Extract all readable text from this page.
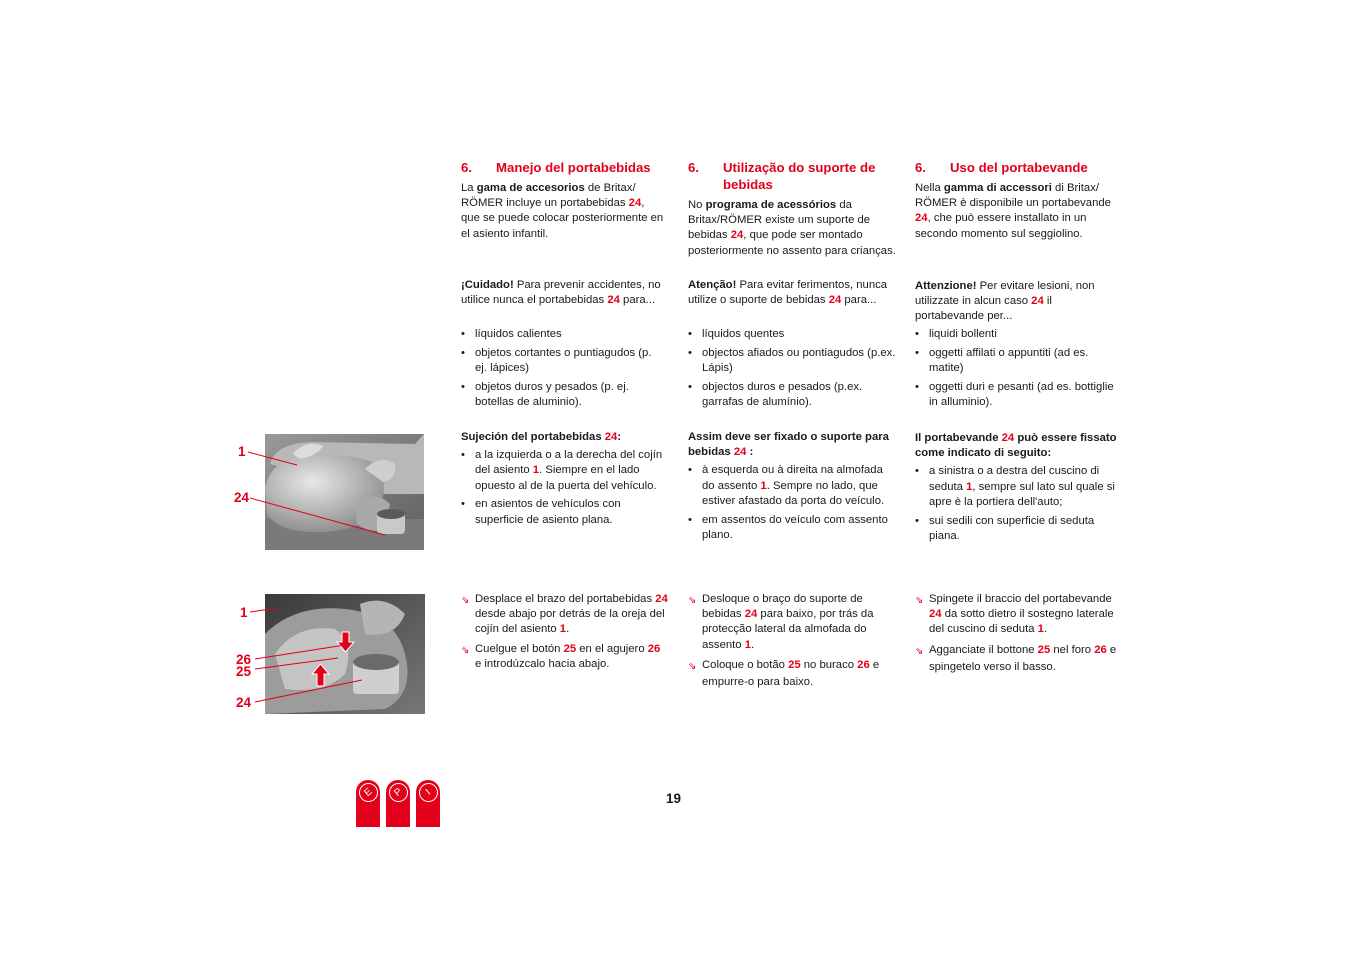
1
24
1
26
25
24
6.	Manejo del portabebidas

La gama de accesorios de Britax/ RÖMER incluye un portabebidas 24, que se puede colocar posteriormente en el asiento infantil.

¡Cuidado! Para prevenir accidentes, no utilice nunca el portabebidas 24 para...

• líquidos calientes
• objetos cortantes o puntiagudos (p. ej. lápices)
• objetos duros y pesados (p. ej. botellas de aluminio).

Sujeción del portabebidas 24:

• a la izquierda o a la derecha del cojín del asiento 1. Siempre en el lado opuesto al de la puerta del vehículo.
• en asientos de vehículos con superficie de asiento plana.
⇘ Desplace el brazo del portabebidas 24 desde abajo por detrás de la oreja del cojín del asiento 1.
⇘ Cuelgue el botón 25 en el agujero 26 e introdúzcalo hacia abajo.
6.	Utilização do suporte de bebidas

No programa de acessórios da Britax/RÖMER existe um suporte de bebidas 24, que pode ser montado posteriormente no assento para crianças.

Atenção! Para evitar ferimentos, nunca utilize o suporte de bebidas 24 para...

• líquidos quentes
• objectos afiados ou pontiagudos (p.ex. Lápis)
• objectos duros e pesados (p.ex. garrafas de alumínio).

Assim deve ser fixado o suporte para bebidas 24 :

• à esquerda ou à direita na almofada do assento 1. Sempre no lado, que estiver afastado da porta do veículo.
• em assentos do veículo com assento plano.
⇘ Desloque o braço do suporte de bebidas 24 para baixo, por trás da protecção lateral da almofada do assento 1.
⇘ Coloque o botão 25 no buraco 26 e empurre-o para baixo.
6.	Uso del portabevande

Nella gamma di accessori di Britax/ RÖMER è disponibile un portabevande 24, che può essere installato in un secondo momento sul seggiolino.

Attenzione! Per evitare lesioni, non utilizzate in alcun caso 24 il portabevande per...

• liquidi bollenti
• oggetti affilati o appuntiti (ad es. matite)
• oggetti duri e pesanti (ad es. bottiglie in alluminio).

Il portabevande 24 può essere fissato come indicato di seguito:

• a sinistra o a destra del cuscino di seduta 1, sempre sul lato sul quale si apre è la portiera dell'auto;
• sui sedili con superficie di seduta piana.
⇘ Spingete il braccio del portabevande 24 da sotto dietro il sostegno laterale del cuscino di seduta 1.
⇘ Agganciate il bottone 25 nel foro 26 e spingetelo verso il basso.
E	P	I	19
